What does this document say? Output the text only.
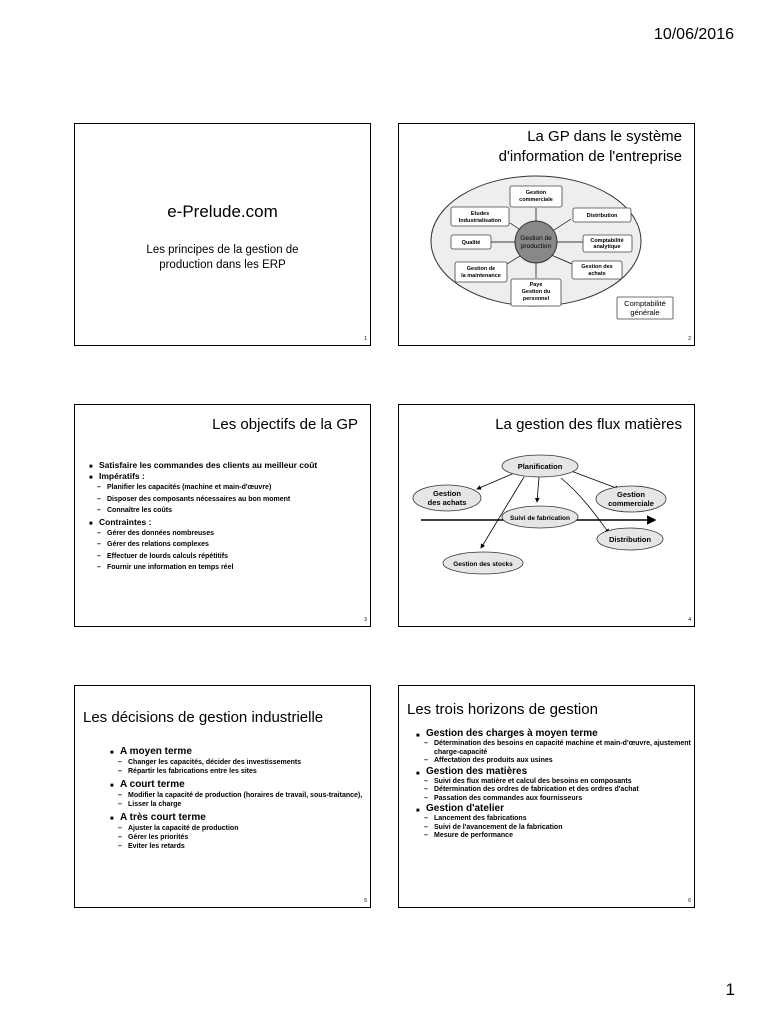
10/06/2016
e-Prelude.com
Les principes de la gestion de production dans les ERP
1
La GP dans le système d'information de l'entreprise
Gestion commerciale
Etudes Industrialisation
Distribution
Qualité	Comptabilité analytique
Gestion de la maintenance
Gestion des achats
Paye Gestion du personnel
Gestion de production
Comptabilité générale
2
Les objectifs de la GP
■ Satisfaire les commandes des clients au meilleur coût
■ Impératifs :
– Planifier les capacités (machine et main-d'œuvre)
– Disposer des composants nécessaires au bon moment
– Connaître les coûts
■ Contraintes :
– Gérer des données nombreuses
– Gérer des relations complexes
– Effectuer de lourds calculs répétitifs
– Fournir une information en temps réel
3
La gestion des flux matières
Planification
Gestion des achats
Gestion commerciale
Suivi de fabrication
Distribution
Gestion des stocks
4
Les décisions de gestion industrielle
■ A moyen terme
– Changer les capacités, décider des investissements
– Répartir les fabrications entre les sites
■ A court terme
– Modifier la capacité de production (horaires de travail, sous-traitance),
– Lisser la charge
■ A très court terme
– Ajuster la capacité de production
– Gérer les priorités
– Eviter les retards
5
Les trois horizons de gestion
■ Gestion des charges à moyen terme
– Détermination des besoins en capacité machine et main-d'œuvre, ajustement charge-capacité
– Affectation des produits aux usines
■ Gestion des matières
– Suivi des flux matière et calcul des besoins en composants
– Détermination des ordres de fabrication et des ordres d'achat
– Passation des commandes aux fournisseurs
■ Gestion d'atelier
– Lancement des fabrications
– Suivi de l'avancement de la fabrication
– Mesure de performance
6
1
